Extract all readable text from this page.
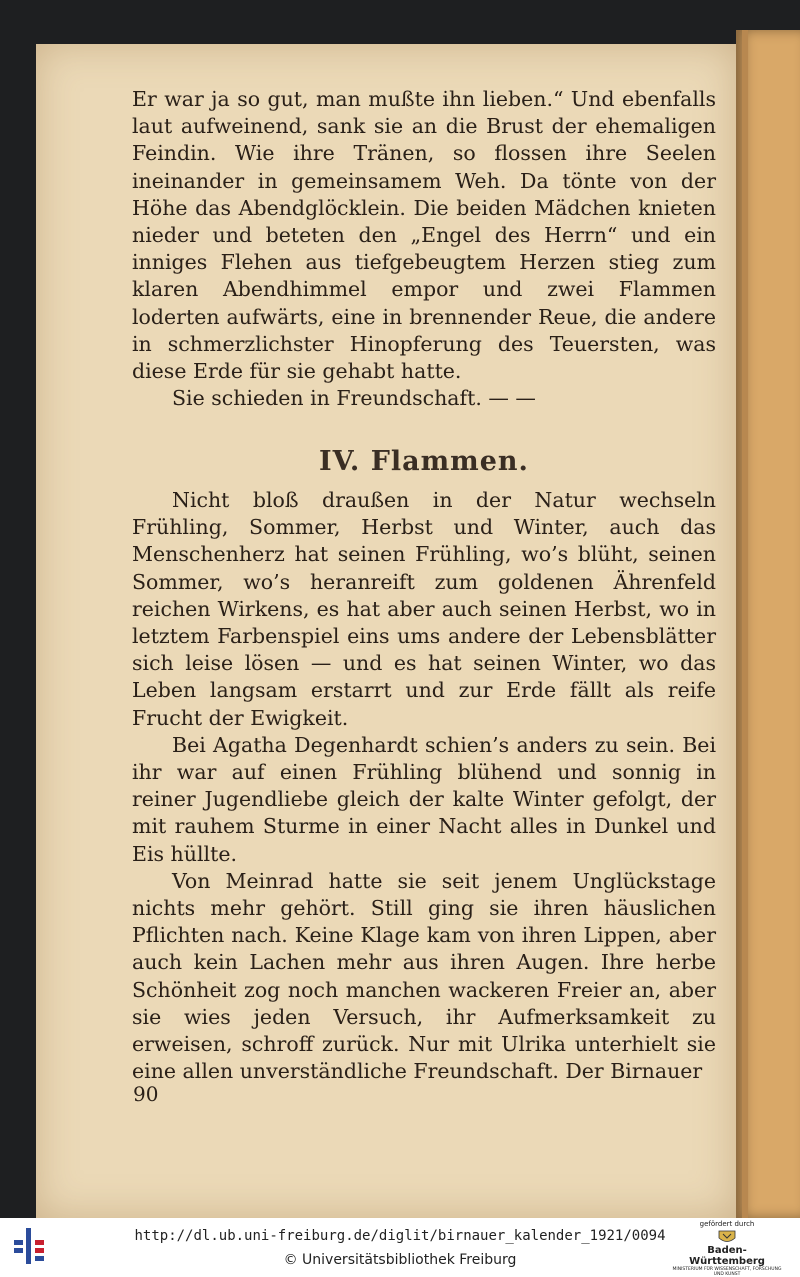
Er war ja so gut, man mußte ihn lieben.“ Und ebenfalls laut aufweinend, sank sie an die Brust der ehemaligen Feindin. Wie ihre Tränen, so flossen ihre Seelen ineinander in gemeinsamem Weh. Da tönte von der Höhe das Abendglöcklein. Die beiden Mädchen knieten nieder und beteten den „Engel des Herrn“ und ein inniges Flehen aus tiefgebeugtem Herzen stieg zum klaren Abendhimmel empor und zwei Flammen loderten aufwärts, eine in brennender Reue, die andere in schmerzlichster Hinopferung des Teuersten, was diese Erde für sie gehabt hatte.

Sie schieden in Freundschaft. — —

IV. Flammen.

Nicht bloß draußen in der Natur wechseln Frühling, Sommer, Herbst und Winter, auch das Menschenherz hat seinen Frühling, wo’s blüht, seinen Sommer, wo’s heranreift zum goldenen Ährenfeld reichen Wirkens, es hat aber auch seinen Herbst, wo in letztem Farbenspiel eins ums andere der Lebensblätter sich leise lösen — und es hat seinen Winter, wo das Leben langsam erstarrt und zur Erde fällt als reife Frucht der Ewigkeit.

Bei Agatha Degenhardt schien’s anders zu sein. Bei ihr war auf einen Frühling blühend und sonnig in reiner Jugendliebe gleich der kalte Winter gefolgt, der mit rauhem Sturme in einer Nacht alles in Dunkel und Eis hüllte.

Von Meinrad hatte sie seit jenem Unglückstage nichts mehr gehört. Still ging sie ihren häuslichen Pflichten nach. Keine Klage kam von ihren Lippen, aber auch kein Lachen mehr aus ihren Augen. Ihre herbe Schönheit zog noch manchen wackeren Freier an, aber sie wies jeden Versuch, ihr Aufmerksamkeit zu erweisen, schroff zurück. Nur mit Ulrika unterhielt sie eine allen unverständliche Freundschaft. Der Birnauer

90
http://dl.ub.uni-freiburg.de/diglit/birnauer_kalender_1921/0094
© Universitätsbibliothek Freiburg
gefördert durch
Baden-Württemberg
MINISTERIUM FÜR WISSENSCHAFT, FORSCHUNG UND KUNST
